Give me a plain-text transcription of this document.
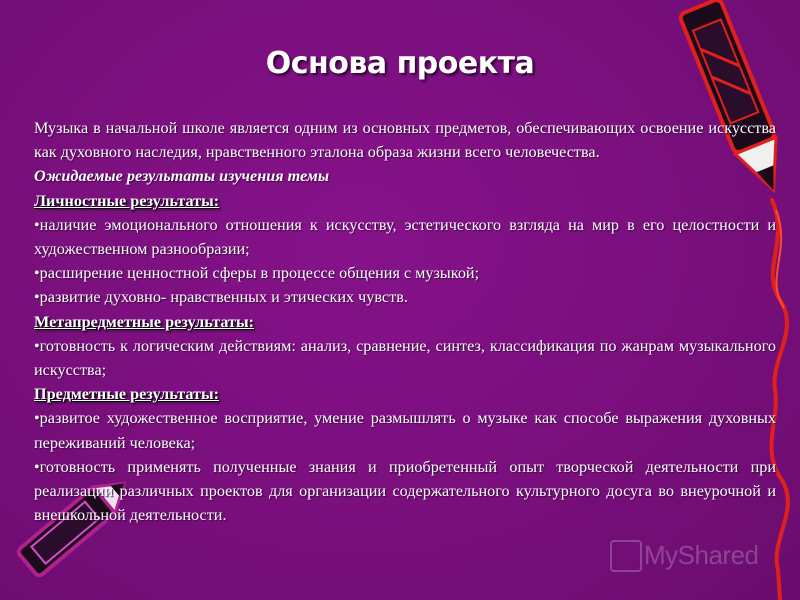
Основа проекта

Музыка в начальной школе является одним из основных предметов, обеспечивающих освоение искусства как духовного наследия, нравственного эталона образа жизни всего человечества.

Ожидаемые результаты изучения темы

Личностные результаты:

•наличие эмоционального отношения к искусству, эстетического взгляда на мир в его целостности и художественном разнообразии;

•расширение ценностной сферы в процессе общения с музыкой;

•развитие духовно- нравственных и этических чувств.

Метапредметные результаты:

•готовность к логическим действиям: анализ, сравнение, синтез, классификация по жанрам музыкального искусства;

Предметные результаты:

•развитое художественное восприятие, умение размышлять о музыке как способе выражения духовных переживаний человека;

•готовность применять полученные знания и приобретенный опыт творческой деятельности при реализации различных проектов для организации содержательного культурного досуга во внеурочной и внешкольной деятельности.

MyShared
